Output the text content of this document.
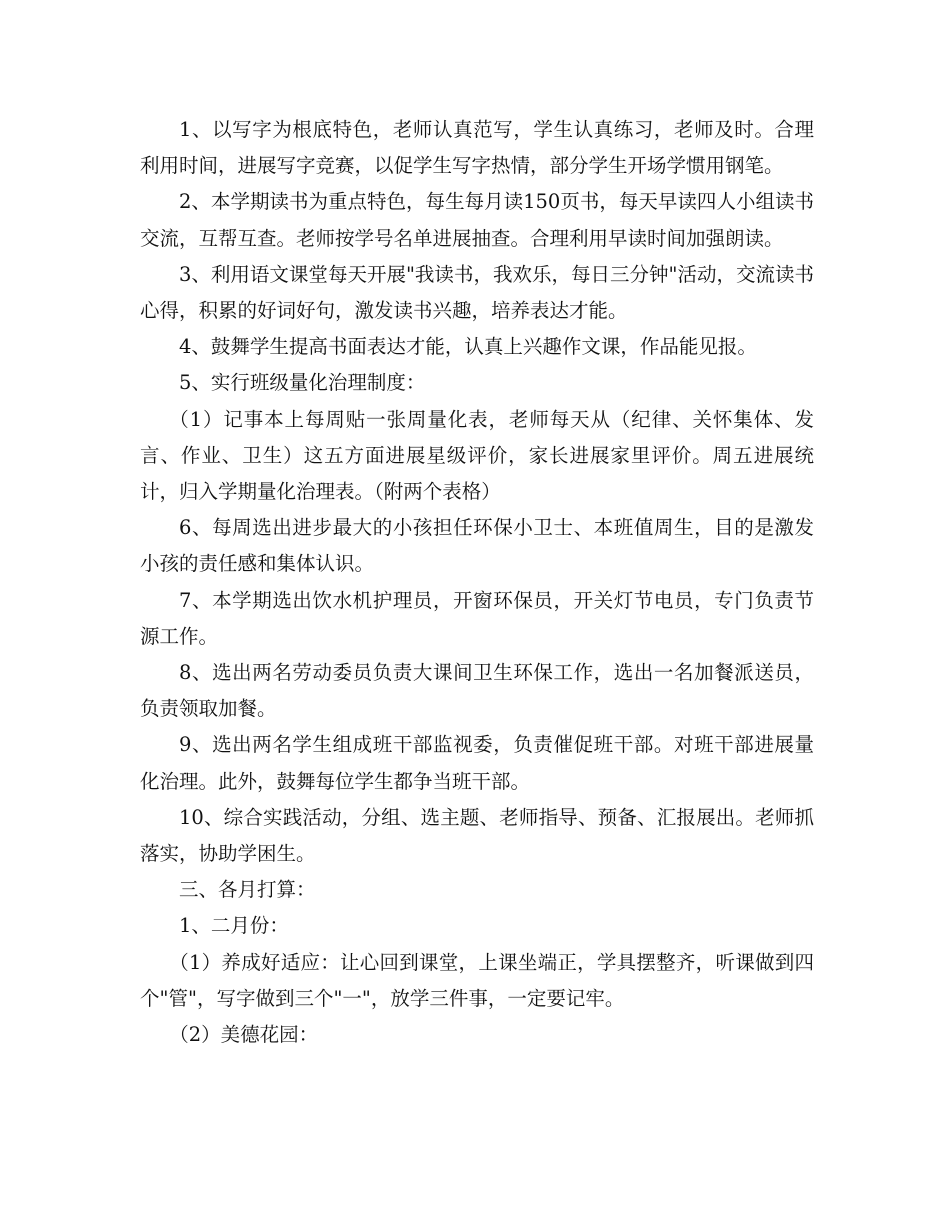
1、以写字为根底特色，老师认真范写，学生认真练习，老师及时。合理利用时间，进展写字竞赛，以促学生写字热情，部分学生开场学惯用钢笔。

2、本学期读书为重点特色，每生每月读150页书，每天早读四人小组读书交流，互帮互查。老师按学号名单进展抽查。合理利用早读时间加强朗读。

3、利用语文课堂每天开展"我读书，我欢乐，每日三分钟"活动，交流读书心得，积累的好词好句，激发读书兴趣，培养表达才能。

4、鼓舞学生提高书面表达才能，认真上兴趣作文课，作品能见报。

5、实行班级量化治理制度：

（1）记事本上每周贴一张周量化表，老师每天从（纪律、关怀集体、发言、作业、卫生）这五方面进展星级评价，家长进展家里评价。周五进展统计，归入学期量化治理表。（附两个表格）

6、每周选出进步最大的小孩担任环保小卫士、本班值周生，目的是激发小孩的责任感和集体认识。

7、本学期选出饮水机护理员，开窗环保员，开关灯节电员，专门负责节源工作。

8、选出两名劳动委员负责大课间卫生环保工作，选出一名加餐派送员，负责领取加餐。

9、选出两名学生组成班干部监视委，负责催促班干部。对班干部进展量化治理。此外，鼓舞每位学生都争当班干部。

10、综合实践活动，分组、选主题、老师指导、预备、汇报展出。老师抓落实，协助学困生。

三、各月打算：

1、二月份：

（1）养成好适应：让心回到课堂，上课坐端正，学具摆整齐，听课做到四个"管"，写字做到三个"一"，放学三件事，一定要记牢。

（2）美德花园：
